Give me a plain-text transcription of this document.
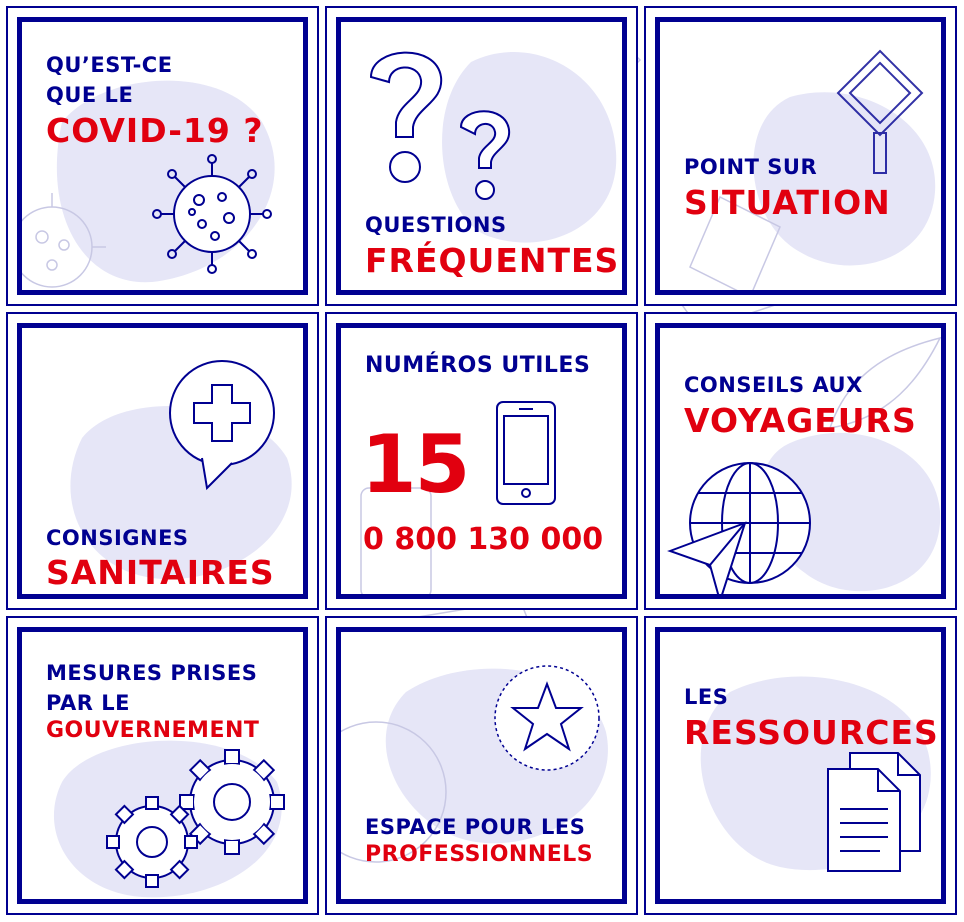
QU’EST-CE

QUE LE

COVID-19 ?

QUESTIONS

FRÉQUENTES

POINT SUR

SITUATION

CONSIGNES

SANITAIRES

NUMÉROS UTILES

15

0 800 130 000

CONSEILS AUX

VOYAGEURS

MESURES PRISES

PAR LE

GOUVERNEMENT

ESPACE POUR LES

PROFESSIONNELS

LES

RESSOURCES
